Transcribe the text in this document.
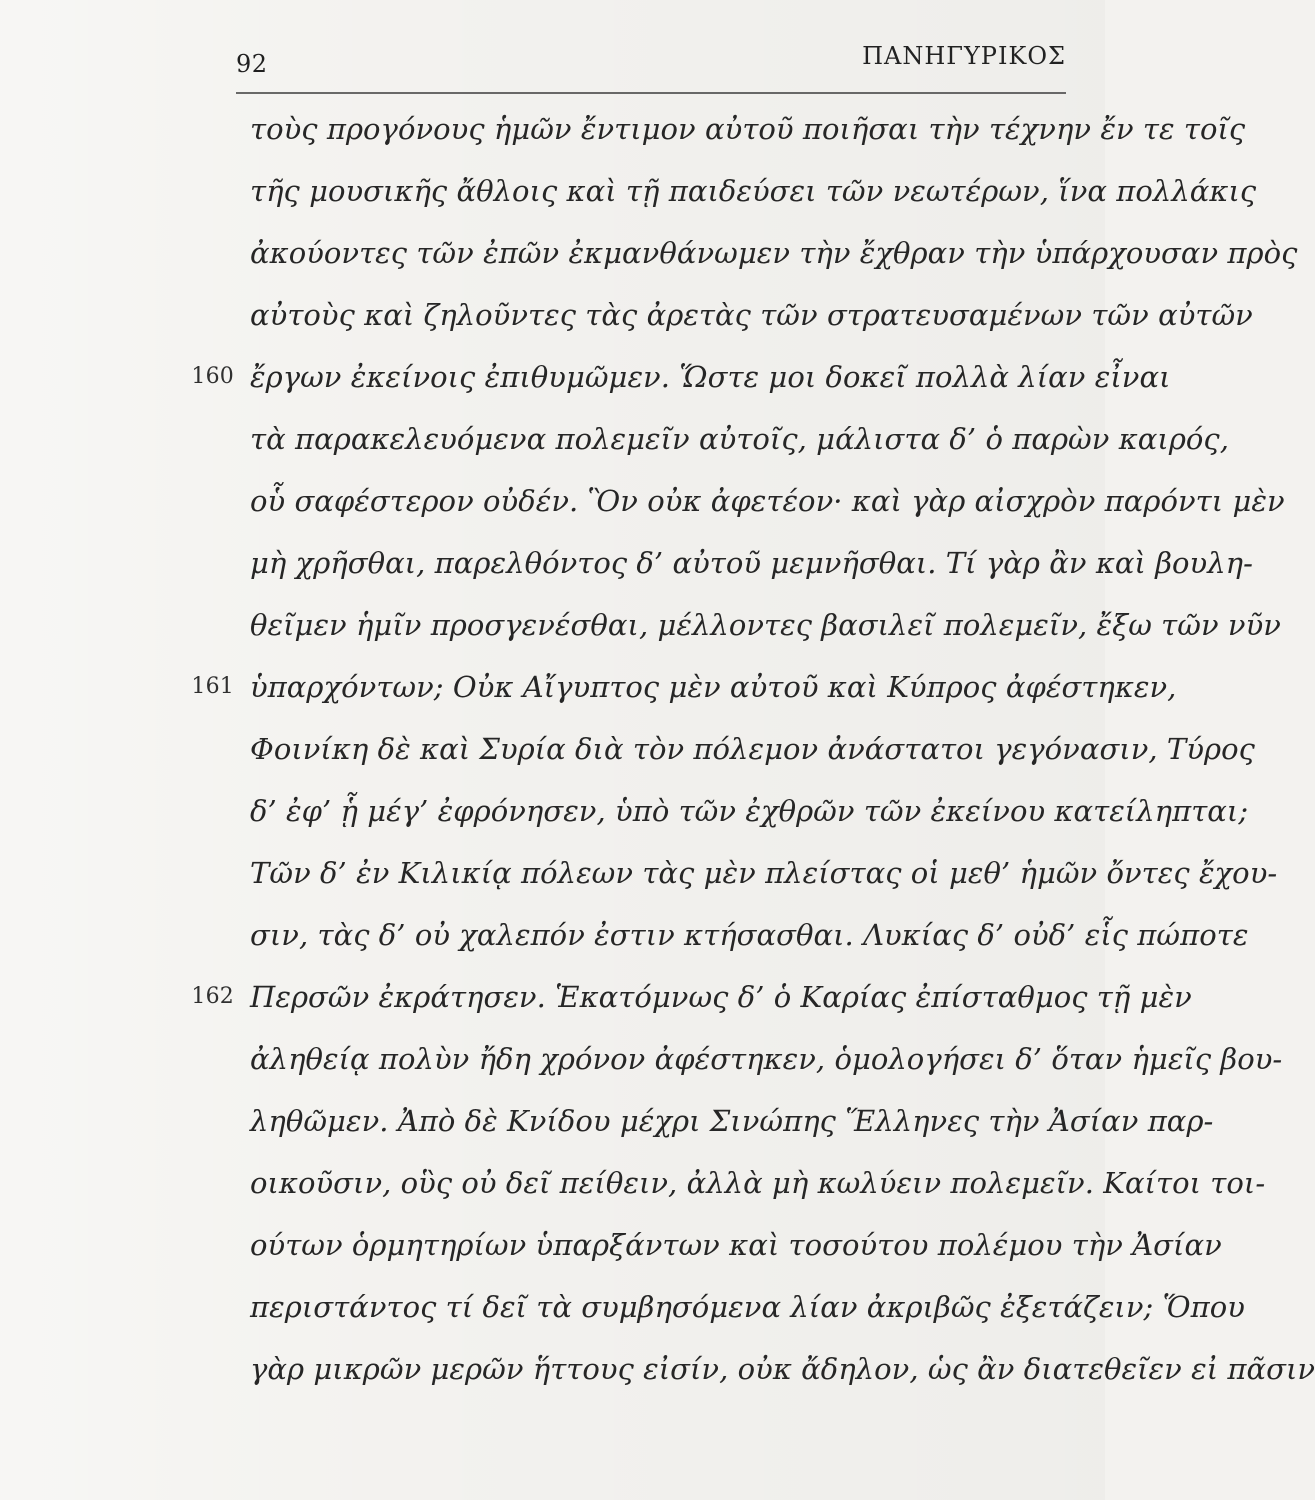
92	ΠΑΝΗΓΥΡΙΚΟΣ
τοὺς προγόνους ἡμῶν ἔντιμον αὐτοῦ ποιῆσαι τὴν τέχνην ἔν τε τοῖς
τῆς μουσικῆς ἄθλοις καὶ τῇ παιδεύσει τῶν νεωτέρων, ἵνα πολλάκις
ἀκούοντες τῶν ἐπῶν ἐκμανθάνωμεν τὴν ἔχθραν τὴν ὑπάρχουσαν πρὸς
αὐτοὺς καὶ ζηλοῦντες τὰς ἀρετὰς τῶν στρατευσαμένων τῶν αὐτῶν
160 ἔργων ἐκείνοις ἐπιθυμῶμεν. Ὥστε μοι δοκεῖ πολλὰ λίαν εἶναι
τὰ παρακελευόμενα πολεμεῖν αὐτοῖς, μάλιστα δ’ ὁ παρὼν καιρός,
οὗ σαφέστερον οὐδέν. Ὃν οὐκ ἀφετέον· καὶ γὰρ αἰσχρὸν παρόντι μὲν
μὴ χρῆσθαι, παρελθόντος δ’ αὐτοῦ μεμνῆσθαι. Τί γὰρ ἂν καὶ βουλη-
θεῖμεν ἡμῖν προσγενέσθαι, μέλλοντες βασιλεῖ πολεμεῖν, ἔξω τῶν νῦν
161 ὑπαρχόντων; Οὐκ Αἴγυπτος μὲν αὐτοῦ καὶ Κύπρος ἀφέστηκεν,
Φοινίκη δὲ καὶ Συρία διὰ τὸν πόλεμον ἀνάστατοι γεγόνασιν, Τύρος
δ’ ἐφ’ ᾗ μέγ’ ἐφρόνησεν, ὑπὸ τῶν ἐχθρῶν τῶν ἐκείνου κατείληπται;
Τῶν δ’ ἐν Κιλικίᾳ πόλεων τὰς μὲν πλείστας οἱ μεθ’ ἡμῶν ὄντες ἔχου-
σιν, τὰς δ’ οὐ χαλεπόν ἐστιν κτήσασθαι. Λυκίας δ’ οὐδ’ εἷς πώποτε
162 Περσῶν ἐκράτησεν. Ἑκατόμνως δ’ ὁ Καρίας ἐπίσταθμος τῇ μὲν
ἀληθείᾳ πολὺν ἤδη χρόνον ἀφέστηκεν, ὁμολογήσει δ’ ὅταν ἡμεῖς βου-
ληθῶμεν. Ἀπὸ δὲ Κνίδου μέχρι Σινώπης Ἕλληνες τὴν Ἀσίαν παρ-
οικοῦσιν, οὓς οὐ δεῖ πείθειν, ἀλλὰ μὴ κωλύειν πολεμεῖν. Καίτοι τοι-
ούτων ὁρμητηρίων ὑπαρξάντων καὶ τοσούτου πολέμου τὴν Ἀσίαν
περιστάντος τί δεῖ τὰ συμβησόμενα λίαν ἀκριβῶς ἐξετάζειν; Ὅπου
γὰρ μικρῶν μερῶν ἥττους εἰσίν, οὐκ ἄδηλον, ὡς ἂν διατεθεῖεν εἰ πᾶσιν
